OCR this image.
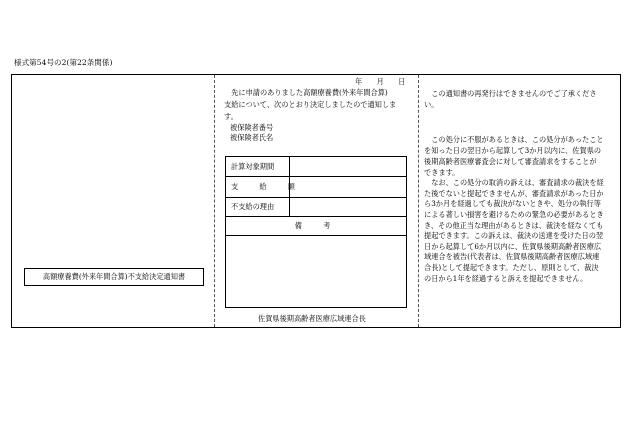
様式第54号の2(第22条関係)
高額療養費(外来年間合算)不支給決定通知書
年　　月　　日
　先に申請のありました高額療養費(外来年間合算)
支給について、次のとおり決定しましたので通知しま
す。
被保険者番号
被保険者氏名
計算対象期間
支　給　額
不支給の理由
備　考
佐賀県後期高齢者医療広域連合長
　この通知書の再発行はできませんのでご了承くださ
い。
　この処分に不服があるときは、この処分があったこと
を知った日の翌日から起算して3か月以内に、佐賀県の
後期高齢者医療審査会に対して審査請求をすることが
できます。
　なお、この処分の取消の訴えは、審査請求の裁決を経
た後でないと提起できませんが、審査請求があった日か
ら3か月を経過しても裁決がないときや、処分の執行等
による著しい損害を避けるための緊急の必要があるとき
き、その他正当な理由があるときは、裁決を経なくても
提起できます。この訴えは、裁決の送達を受けた日の翌
日から起算して6か月以内に、佐賀県後期高齢者医療広
域連合を被告(代表者は、佐賀県後期高齢者医療広域連
合長)として提起できます。ただし、原則として、裁決
の日から1年を経過すると訴えを提起できません。
